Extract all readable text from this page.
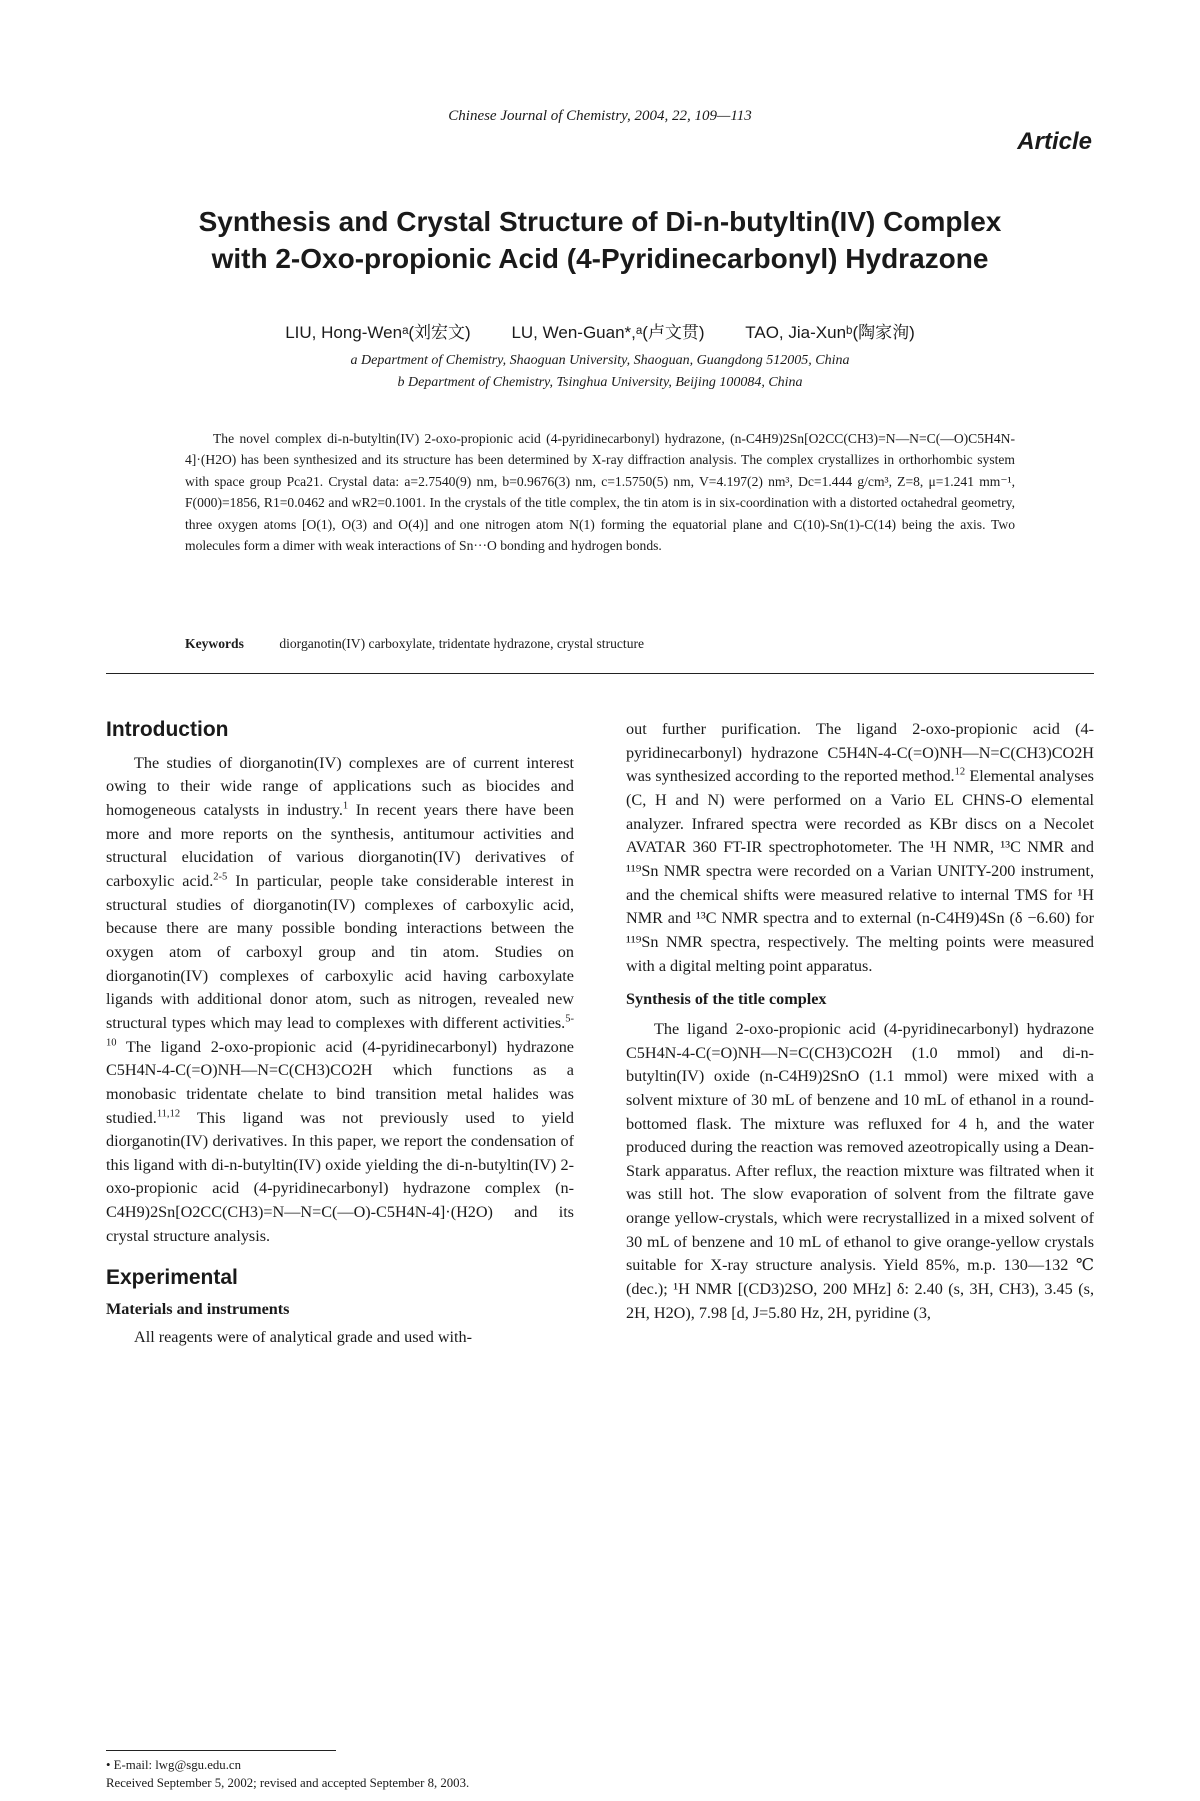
Chinese Journal of Chemistry, 2004, 22, 109—113
Article
Synthesis and Crystal Structure of Di-n-butyltin(IV) Complex
with 2-Oxo-propionic Acid (4-Pyridinecarbonyl) Hydrazone
LIU, Hong-Wenᵃ(刘宏文) LU, Wen-Guan*,ᵃ(卢文贯) TAO, Jia-Xunᵇ(陶家洵)
a Department of Chemistry, Shaoguan University, Shaoguan, Guangdong 512005, China
b Department of Chemistry, Tsinghua University, Beijing 100084, China

The novel complex di-n-butyltin(IV) 2-oxo-propionic acid (4-pyridinecarbonyl) hydrazone, (n-C4H9)2Sn[O2CC(CH3)=N—N=C(—O)C5H4N-4]·(H2O) has been synthesized and its structure has been determined by X-ray diffraction analysis. The complex crystallizes in orthorhombic system with space group Pca21. Crystal data: a=2.7540(9) nm, b=0.9676(3) nm, c=1.5750(5) nm, V=4.197(2) nm³, Dc=1.444 g/cm³, Z=8, μ=1.241 mm⁻¹, F(000)=1856, R1=0.0462 and wR2=0.1001. In the crystals of the title complex, the tin atom is in six-coordination with a distorted octahedral geometry, three oxygen atoms [O(1), O(3) and O(4)] and one nitrogen atom N(1) forming the equatorial plane and C(10)-Sn(1)-C(14) being the axis. Two molecules form a dimer with weak interactions of Sn···O bonding and hydrogen bonds.

Keywords	diorganotin(IV) carboxylate, tridentate hydrazone, crystal structure
Introduction

The studies of diorganotin(IV) complexes are of current interest owing to their wide range of applications such as biocides and homogeneous catalysts in industry.$^1$ In recent years there have been more and more reports on the synthesis, antitumour activities and structural elucidation of various diorganotin(IV) derivatives of carboxylic acid.$^{2-5}$ In particular, people take considerable interest in structural studies of diorganotin(IV) complexes of carboxylic acid, because there are many possible bonding interactions between the oxygen atom of carboxyl group and tin atom. Studies on diorganotin(IV) complexes of carboxylic acid having carboxylate ligands with additional donor atom, such as nitrogen, revealed new structural types which may lead to complexes with different activities.$^{5-10}$ The ligand 2-oxo-propionic acid (4-pyridinecarbonyl) hydrazone C5H4N-4-C(=O)NH—N=C(CH3)CO2H which functions as a monobasic tridentate chelate to bind transition metal halides was studied.$^{11,12}$ This ligand was not previously used to yield diorganotin(IV) derivatives. In this paper, we report the condensation of this ligand with di-n-butyltin(IV) oxide yielding the di-n-butyltin(IV) 2-oxo-propionic acid (4-pyridinecarbonyl) hydrazone complex (n-C4H9)2Sn[O2CC(CH3)=N—N=C(—O)-C5H4N-4]·(H2O) and its crystal structure analysis.

Experimental
Materials and instruments

All reagents were of analytical grade and used with-

out further purification. The ligand 2-oxo-propionic acid (4-pyridinecarbonyl) hydrazone C5H4N-4-C(=O)NH—N=C(CH3)CO2H was synthesized according to the reported method.$^{12}$ Elemental analyses (C, H and N) were performed on a Vario EL CHNS-O elemental analyzer. Infrared spectra were recorded as KBr discs on a Necolet AVATAR 360 FT-IR spectrophotometer. The ¹H NMR, ¹³C NMR and ¹¹⁹Sn NMR spectra were recorded on a Varian UNITY-200 instrument, and the chemical shifts were measured relative to internal TMS for ¹H NMR and ¹³C NMR spectra and to external (n-C4H9)4Sn (δ −6.60) for ¹¹⁹Sn NMR spectra, respectively. The melting points were measured with a digital melting point apparatus.

Synthesis of the title complex

The ligand 2-oxo-propionic acid (4-pyridinecarbonyl) hydrazone C5H4N-4-C(=O)NH—N=C(CH3)CO2H (1.0 mmol) and di-n-butyltin(IV) oxide (n-C4H9)2SnO (1.1 mmol) were mixed with a solvent mixture of 30 mL of benzene and 10 mL of ethanol in a round-bottomed flask. The mixture was refluxed for 4 h, and the water produced during the reaction was removed azeotropically using a Dean-Stark apparatus. After reflux, the reaction mixture was filtrated when it was still hot. The slow evaporation of solvent from the filtrate gave orange yellow-crystals, which were recrystallized in a mixed solvent of 30 mL of benzene and 10 mL of ethanol to give orange-yellow crystals suitable for X-ray structure analysis. Yield 85%, m.p. 130—132 ℃ (dec.); ¹H NMR [(CD3)2SO, 200 MHz] δ: 2.40 (s, 3H, CH3), 3.45 (s, 2H, H2O), 7.98 [d, J=5.80 Hz, 2H, pyridine (3,

• E-mail: lwg@sgu.edu.cn
Received September 5, 2002; revised and accepted September 8, 2003.
